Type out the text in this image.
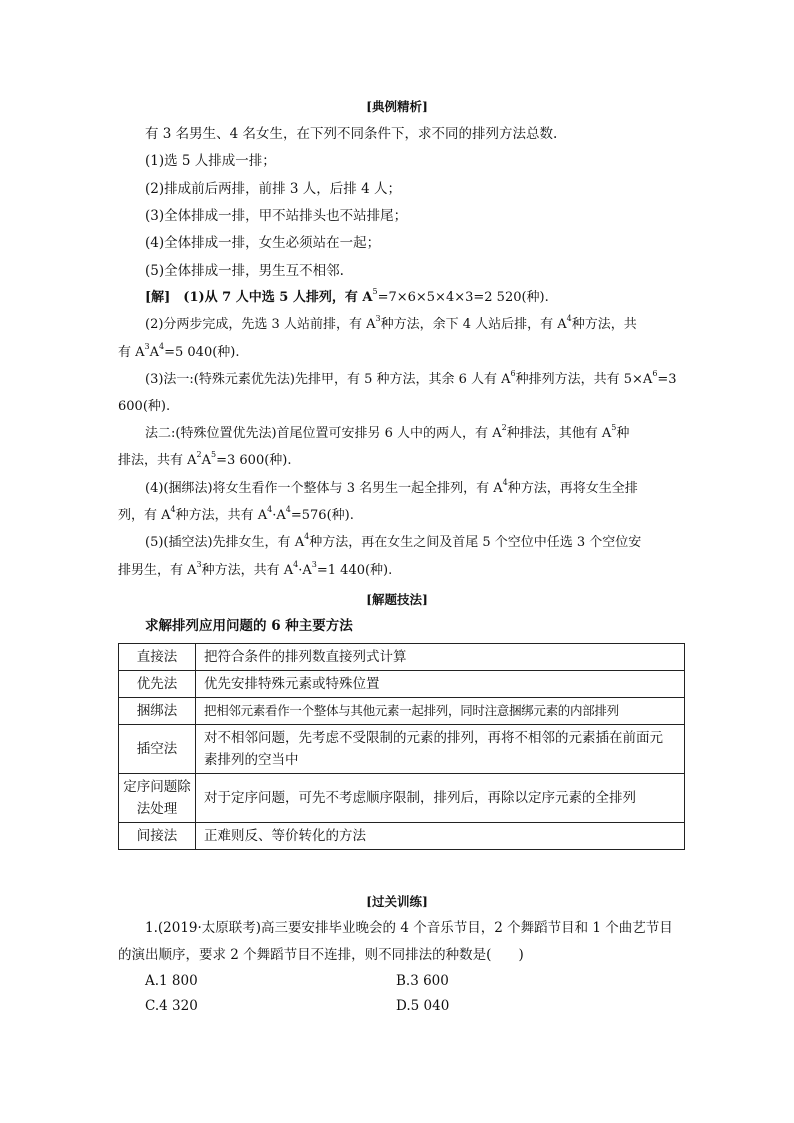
[典例精析]
有 3 名男生、4 名女生，在下列不同条件下，求不同的排列方法总数.
(1)选 5 人排成一排；
(2)排成前后两排，前排 3 人，后排 4 人；
(3)全体排成一排，甲不站排头也不站排尾；
(4)全体排成一排，女生必须站在一起；
(5)全体排成一排，男生互不相邻.
[解]　(1)从 7 人中选 5 人排列，有 $A^5=7\times 6\times 5\times 4\times 3=2$ 520(种).
(2)分两步完成，先选 3 人站前排，有 $A^3$种方法，余下 4 人站后排，有 $A^4$种方法，共
有 $A^3A^4=5$ 040(种).
(3)法一:(特殊元素优先法)先排甲，有 5 种方法，其余 6 人有 $A^6$种排列方法，共有 $5\times A^6=3$
600(种).
法二:(特殊位置优先法)首尾位置可安排另 6 人中的两人，有 $A^2$种排法，其他有 $A^5$种
排法，共有 $A^2A^5=3$ 600(种).
(4)(捆绑法)将女生看作一个整体与 3 名男生一起全排列，有 $A^4$种方法，再将女生全排
列，有 $A^4$种方法，共有 $A^4\cdot A^4=576$(种).
(5)(插空法)先排女生，有 $A^4$种方法，再在女生之间及首尾 5 个空位中任选 3 个空位安
排男生，有 $A^3$种方法，共有 $A^4\cdot A^3=1$ 440(种).
[解题技法]
求解排列应用问题的 6 种主要方法
直接法	把符合条件的排列数直接列式计算
优先法	优先安排特殊元素或特殊位置
捆绑法	把相邻元素看作一个整体与其他元素一起排列，同时注意捆绑元素的内部排列
插空法	对不相邻问题，先考虑不受限制的元素的排列，再将不相邻的元素插在前面元素排列的空当中
定序问题除法处理	对于定序问题，可先不考虑顺序限制，排列后，再除以定序元素的全排列
间接法	正难则反、等价转化的方法
[过关训练]
1.(2019·太原联考)高三要安排毕业晚会的 4 个音乐节目，2 个舞蹈节目和 1 个曲艺节目
的演出顺序，要求 2 个舞蹈节目不连排，则不同排法的种数是(　　)
A.1 800	B.3 600
C.4 320	D.5 040
